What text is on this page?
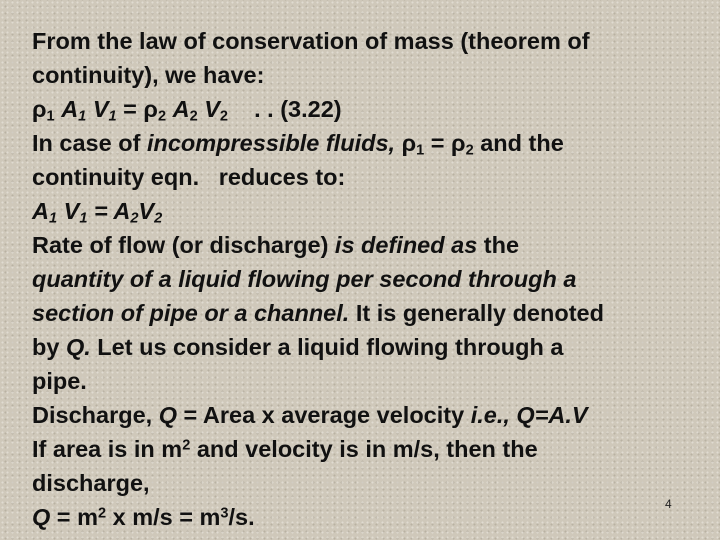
From the law of conservation of mass (theorem of
continuity), we have:
$\rho_1$ $A_1$ $V_1 = \rho_2$ $A_2$ $V_2$    . . (3.22)
In case of incompressible fluids, $\rho_1 = \rho_2$ and the
continuity eqn.   reduces to:
$A_1$ $V_1 = A_2V_2$
Rate of flow (or discharge) is defined as the
quantity of a liquid flowing per second through a
section of pipe or a channel. It is generally denoted
by Q. Let us consider a liquid flowing through a
pipe.
Discharge, Q = Area x average velocity i.e., Q=A.V
If area is in $m^2$ and velocity is in m/s, then the
discharge,
$Q = m^2$ x $m/s = m^3/s$.	4
